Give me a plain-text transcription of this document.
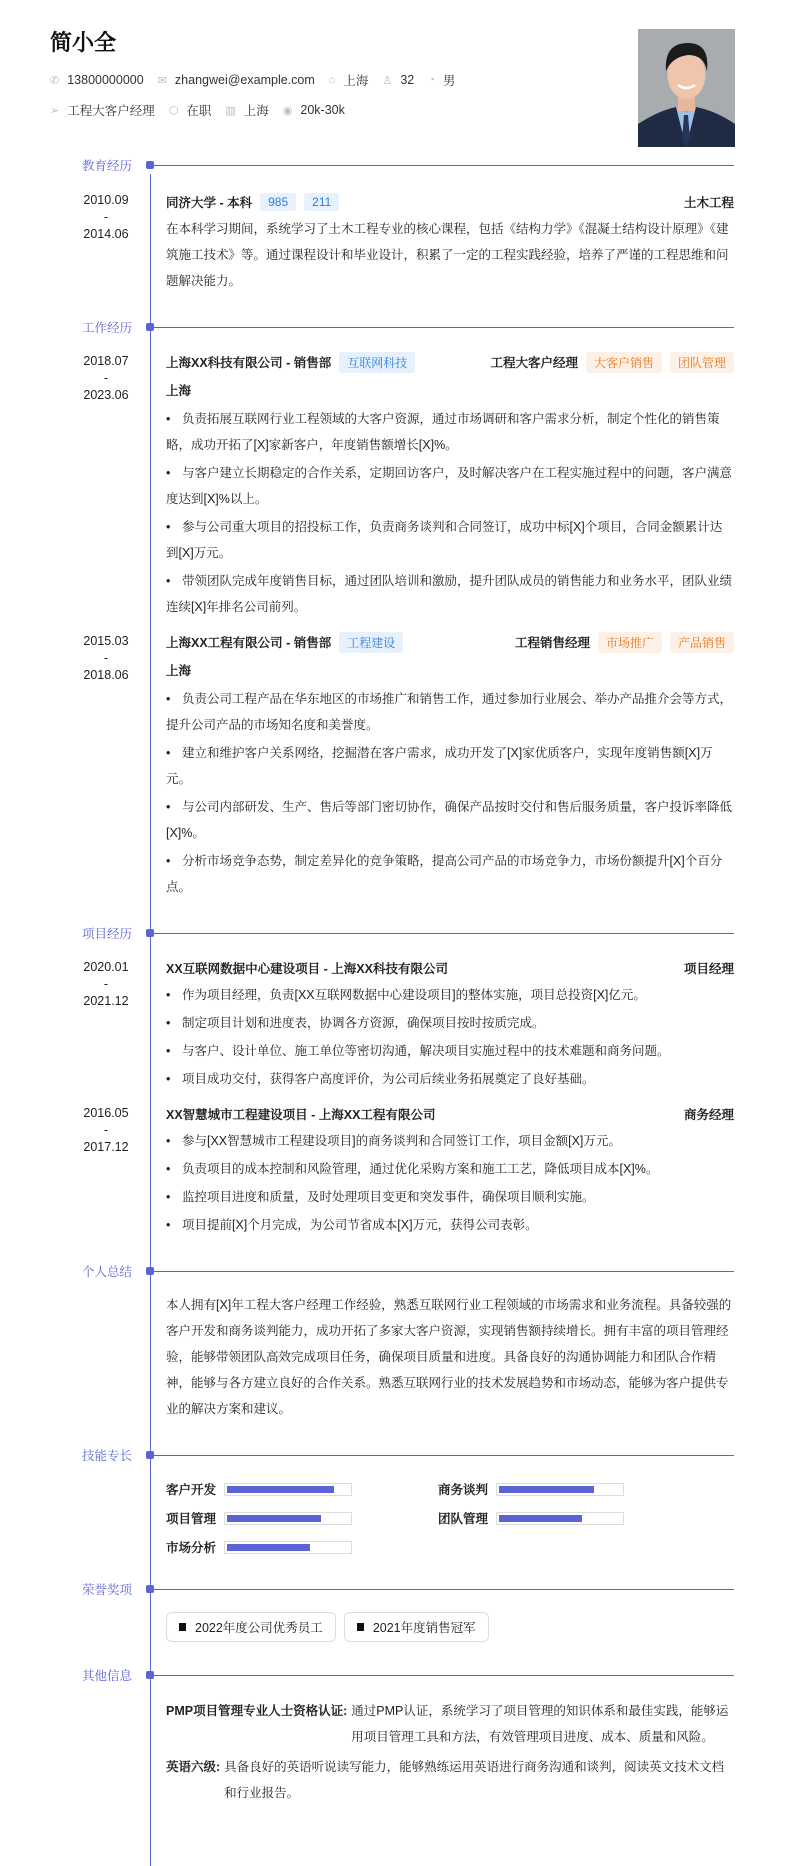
简小全
✆ 13800000000 ✉ zhangwei@example.com ⌂ 上海 ♙ 32 ◔ 男
➢ 工程大客户经理 ⬡ 在职 ▥ 上海 ◉ 20k-30k
教育经历
2010.09
-
2014.06
同济大学 - 本科	985	211	土木工程

在本科学习期间，系统学习了土木工程专业的核心课程，包括《结构力学》《混凝土结构设计原理》《建筑施工技术》等。通过课程设计和毕业设计，积累了一定的工程实践经验，培养了严谨的工程思维和问题解决能力。

工作经历
2018.07
-
2023.06
上海XX科技有限公司 - 销售部	互联网科技	工程大客户经理	大客户销售	团队管理
上海
• 负责拓展互联网行业工程领域的大客户资源，通过市场调研和客户需求分析，制定个性化的销售策略，成功开拓了[X]家新客户，年度销售额增长[X]%。
• 与客户建立长期稳定的合作关系，定期回访客户，及时解决客户在工程实施过程中的问题，客户满意度达到[X]%以上。
• 参与公司重大项目的招投标工作，负责商务谈判和合同签订，成功中标[X]个项目，合同金额累计达到[X]万元。
• 带领团队完成年度销售目标，通过团队培训和激励，提升团队成员的销售能力和业务水平，团队业绩连续[X]年排名公司前列。
2015.03
-
2018.06
上海XX工程有限公司 - 销售部	工程建设	工程销售经理	市场推广	产品销售
上海
• 负责公司工程产品在华东地区的市场推广和销售工作，通过参加行业展会、举办产品推介会等方式，提升公司产品的市场知名度和美誉度。
• 建立和维护客户关系网络，挖掘潜在客户需求，成功开发了[X]家优质客户，实现年度销售额[X]万元。
• 与公司内部研发、生产、售后等部门密切协作，确保产品按时交付和售后服务质量，客户投诉率降低[X]%。
• 分析市场竞争态势，制定差异化的竞争策略，提高公司产品的市场竞争力，市场份额提升[X]个百分点。
项目经历
2020.01
-
2021.12
XX互联网数据中心建设项目 - 上海XX科技有限公司	项目经理
• 作为项目经理，负责[XX互联网数据中心建设项目]的整体实施，项目总投资[X]亿元。
• 制定项目计划和进度表，协调各方资源，确保项目按时按质完成。
• 与客户、设计单位、施工单位等密切沟通，解决项目实施过程中的技术难题和商务问题。
• 项目成功交付，获得客户高度评价，为公司后续业务拓展奠定了良好基础。
2016.05
-
2017.12
XX智慧城市工程建设项目 - 上海XX工程有限公司	商务经理
• 参与[XX智慧城市工程建设项目]的商务谈判和合同签订工作，项目金额[X]万元。
• 负责项目的成本控制和风险管理，通过优化采购方案和施工工艺，降低项目成本[X]%。
• 监控项目进度和质量，及时处理项目变更和突发事件，确保项目顺利实施。
• 项目提前[X]个月完成，为公司节省成本[X]万元，获得公司表彰。
个人总结

本人拥有[X]年工程大客户经理工作经验，熟悉互联网行业工程领域的市场需求和业务流程。具备较强的客户开发和商务谈判能力，成功开拓了多家大客户资源，实现销售额持续增长。拥有丰富的项目管理经验，能够带领团队高效完成项目任务，确保项目质量和进度。具备良好的沟通协调能力和团队合作精神，能够与各方建立良好的合作关系。熟悉互联网行业的技术发展趋势和市场动态，能够为客户提供专业的解决方案和建议。

技能专长
客户开发	商务谈判
项目管理	团队管理
市场分析
荣誉奖项
2022年度公司优秀员工	2021年度销售冠军
其他信息
PMP项目管理专业人士资格认证: 通过PMP认证，系统学习了项目管理的知识体系和最佳实践，能够运用项目管理工具和方法，有效管理项目进度、成本、质量和风险。
英语六级: 具备良好的英语听说读写能力，能够熟练运用英语进行商务沟通和谈判，阅读英文技术文档和行业报告。
